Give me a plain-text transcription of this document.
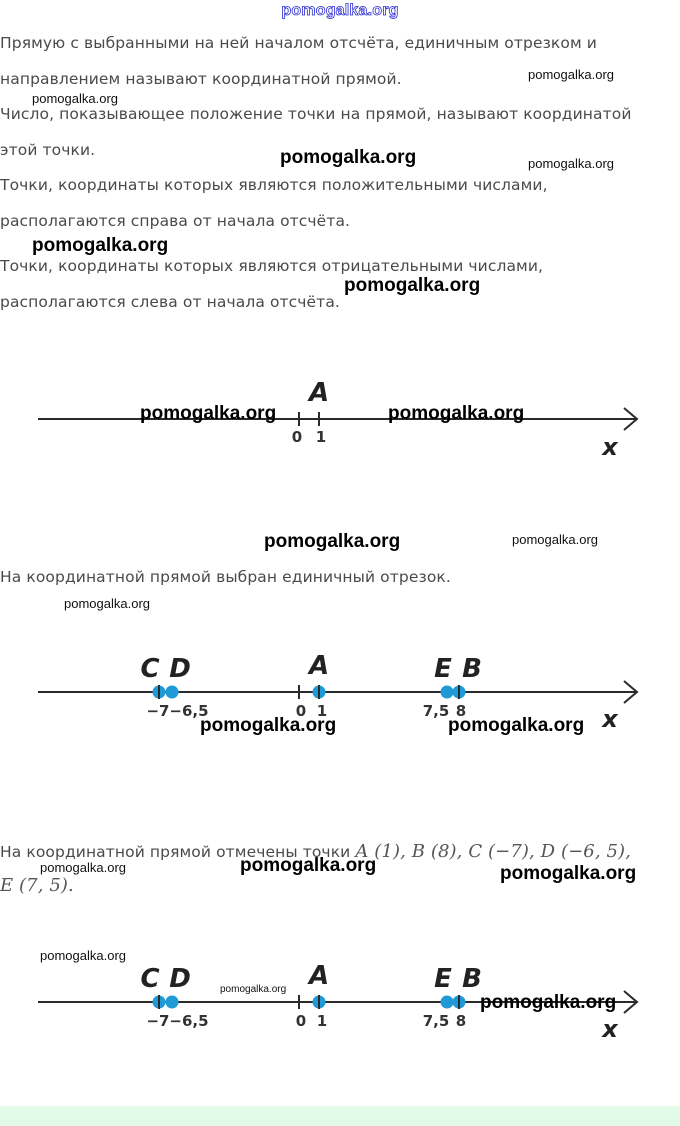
pomogalka.org
Прямую с выбранными на ней началом отсчёта, единичным отрезком и
направлением называют координатной прямой.
Число, показывающее положение точки на прямой, называют координатой
этой точки.
Точки, координаты которых являются положительными числами,
располагаются справа от начала отсчёта.
Точки, координаты которых являются отрицательными числами,
располагаются слева от начала отсчёта.
На координатной прямой выбран единичный отрезок.
На координатной прямой отмечены точки A (1), B (8), C (−7), D (−6, 5),
E (7, 5).
0 1
A
x
C D	A	E B
−7 −6,5	0 1	7,5 8	x
C D	A	E B
−7 −6,5	0 1	7,5 8	x
pomogalka.org
pomogalka.org
pomogalka.org	pomogalka.org
pomogalka.org
pomogalka.org
pomogalka.org	pomogalka.org
pomogalka.org	pomogalka.org
pomogalka.org
pomogalka.org	pomogalka.org
pomogalka.org	pomogalka.org	pomogalka.org
pomogalka.org
pomogalka.org
pomogalka.org
